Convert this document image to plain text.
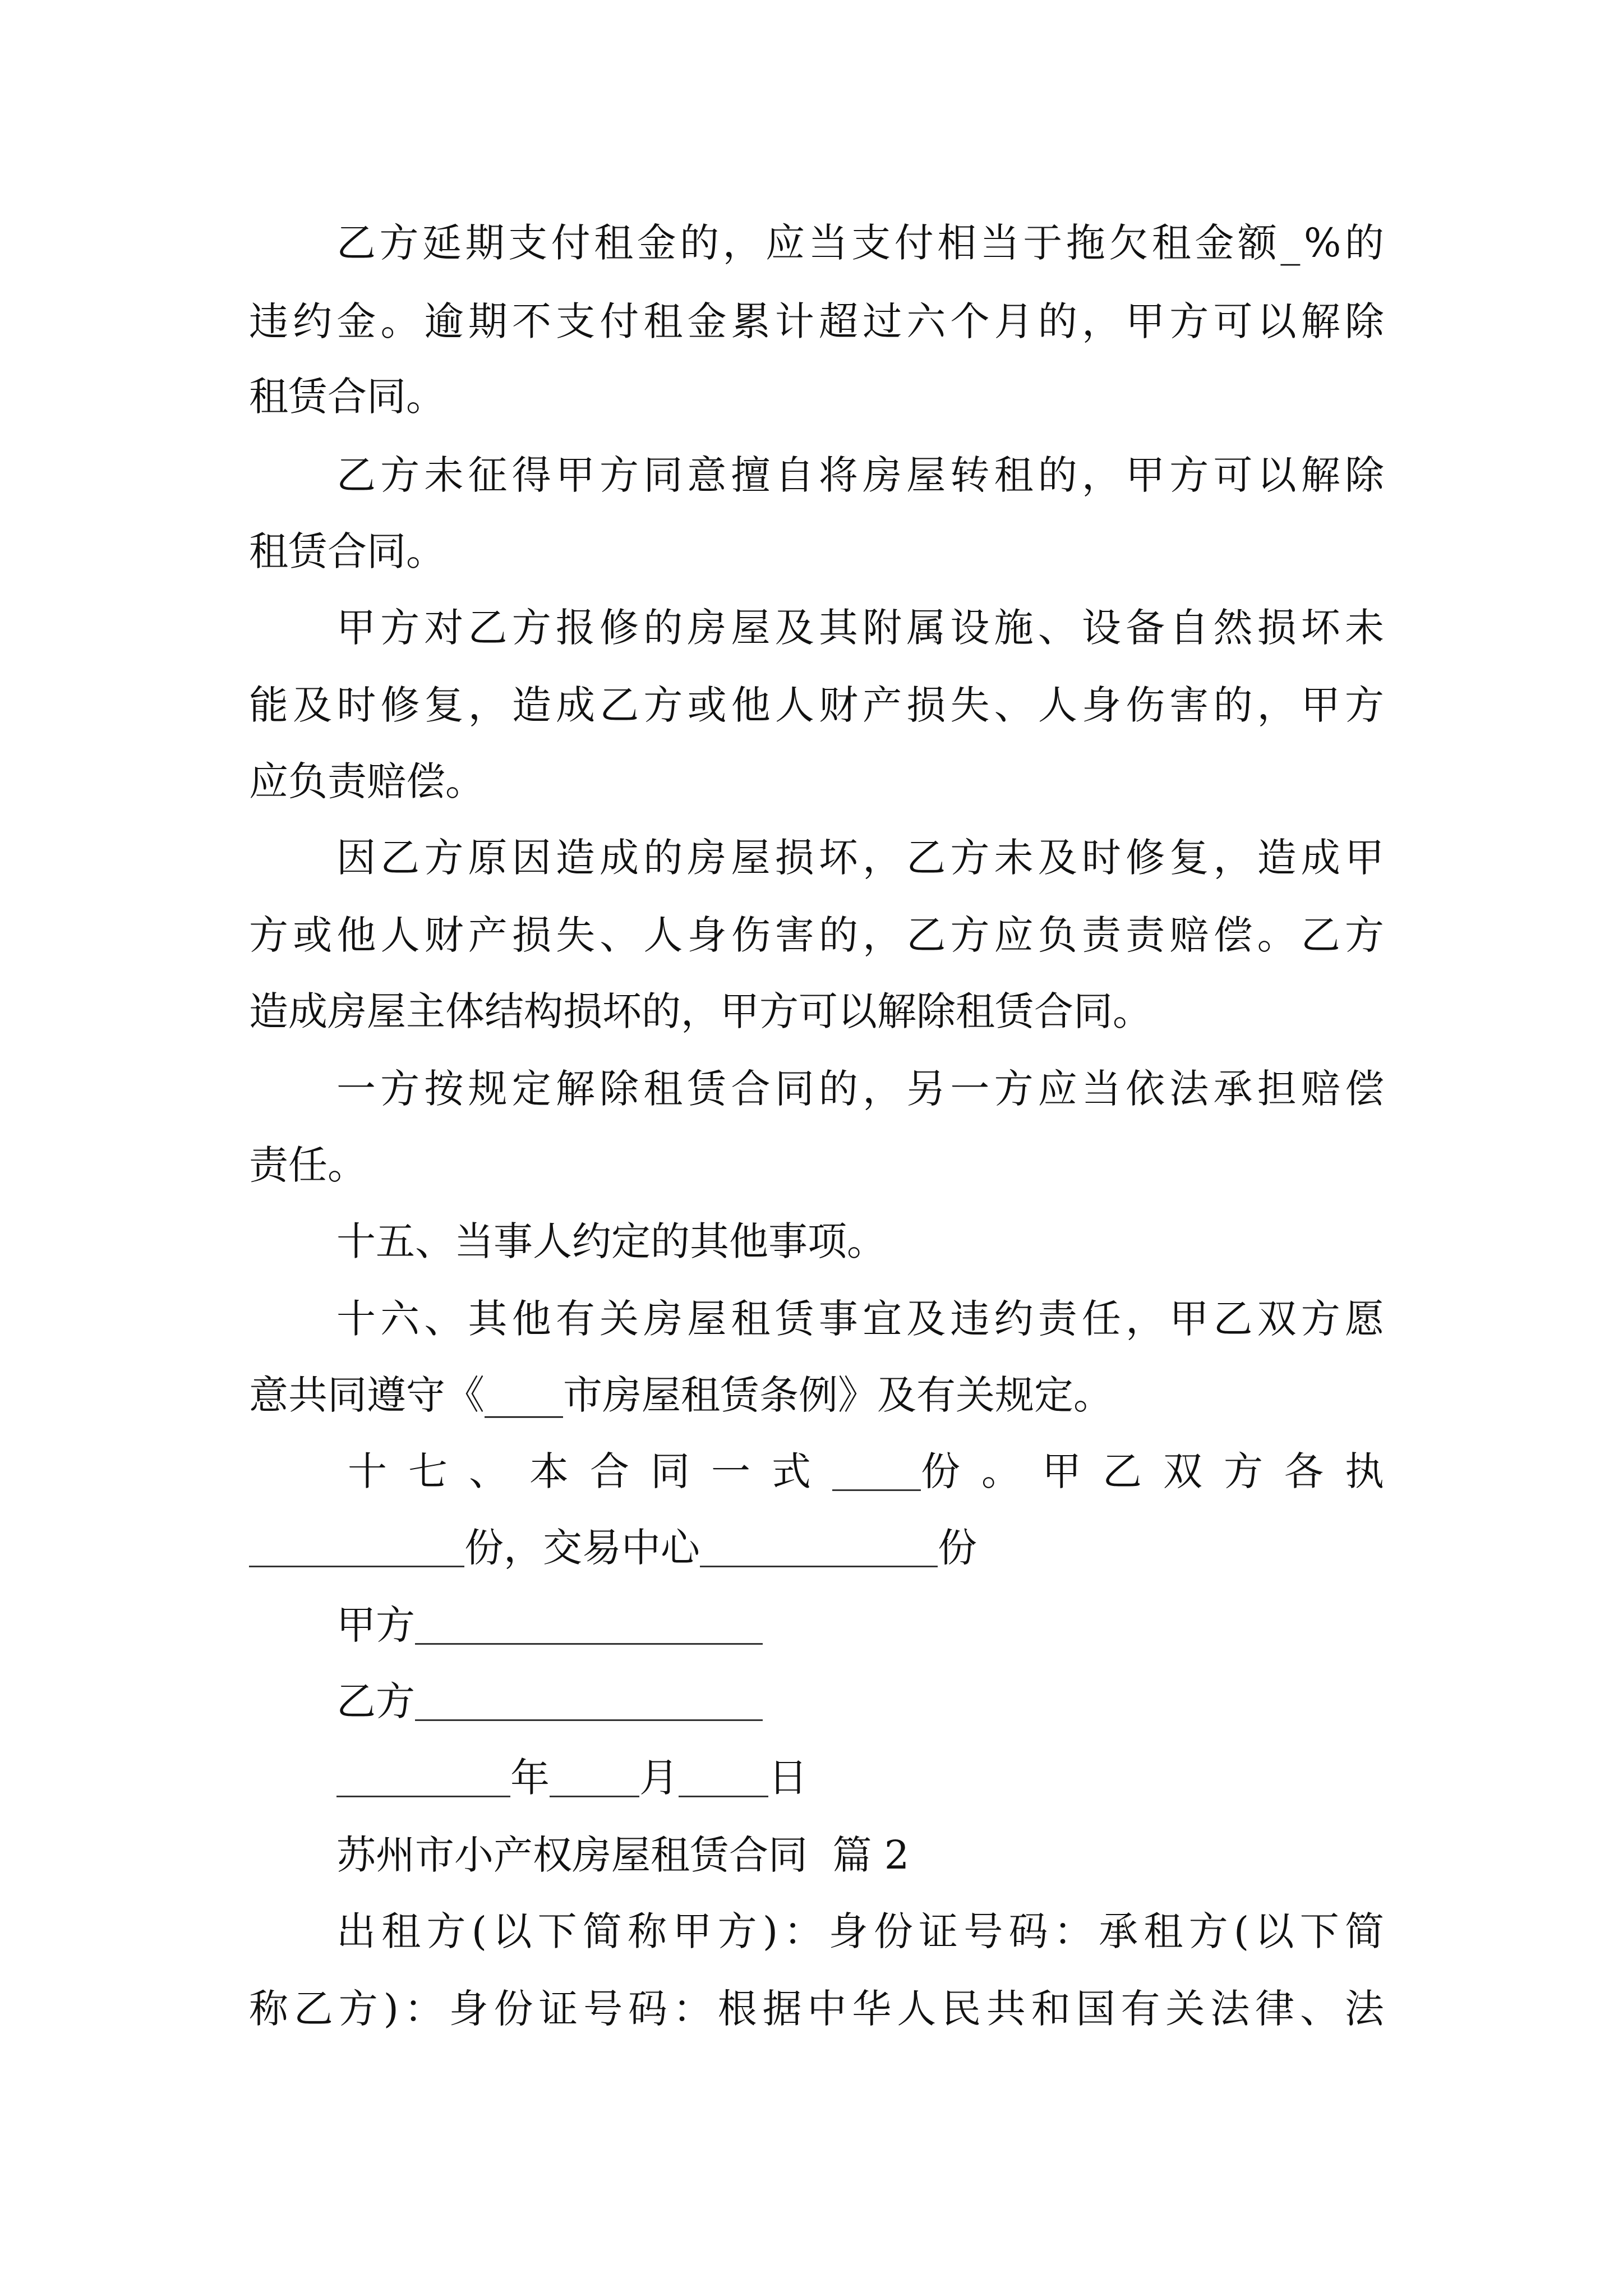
乙 方 延 期 支 付 租 金 的 ， 应 当 支 付 相 当 于 拖 欠 租 金 额 _ % 的
违 约 金 。 逾 期 不 支 付 租 金 累 计 超 过 六 个 月 的 ， 甲 方 可 以 解 除
租赁合同。
乙 方 未 征 得 甲 方 同 意 擅 自 将 房 屋 转 租 的 ， 甲 方 可 以 解 除
租赁合同。
甲 方 对 乙 方 报 修 的 房 屋 及 其 附 属 设 施 、 设 备 自 然 损 坏 未
能 及 时 修 复 ， 造 成 乙 方 或 他 人 财 产 损 失 、 人 身 伤 害 的 ， 甲 方
应负责赔偿。
因 乙 方 原 因 造 成 的 房 屋 损 坏 ， 乙 方 未 及 时 修 复 ， 造 成 甲
方 或 他 人 财 产 损 失 、 人 身 伤 害 的 ， 乙 方 应 负 责 责 赔 偿 。 乙 方
造成房屋主体结构损坏的，甲方可以解除租赁合同。
一 方 按 规 定 解 除 租 赁 合 同 的 ， 另 一 方 应 当 依 法 承 担 赔 偿
责任。
十五、当事人约定的其他事项。
十 六 、 其 他 有 关 房 屋 租 赁 事 宜 及 违 约 责 任 ， 甲 乙 双 方 愿
意共同遵守《____市房屋租赁条例》及有关规定。
十七、本合同一式 份。甲乙双方各执
份，交易中心	份
甲方
乙方
年 月 日
苏州市小产权房屋租赁合同  篇 2
出 租 方 ( 以 下 简 称 甲 方 ) ： 身 份 证 号 码 ： 承 租 方 ( 以 下 简
称 乙 方 ) ： 身 份 证 号 码 ： 根 据 中 华 人 民 共 和 国 有 关 法 律 、 法
